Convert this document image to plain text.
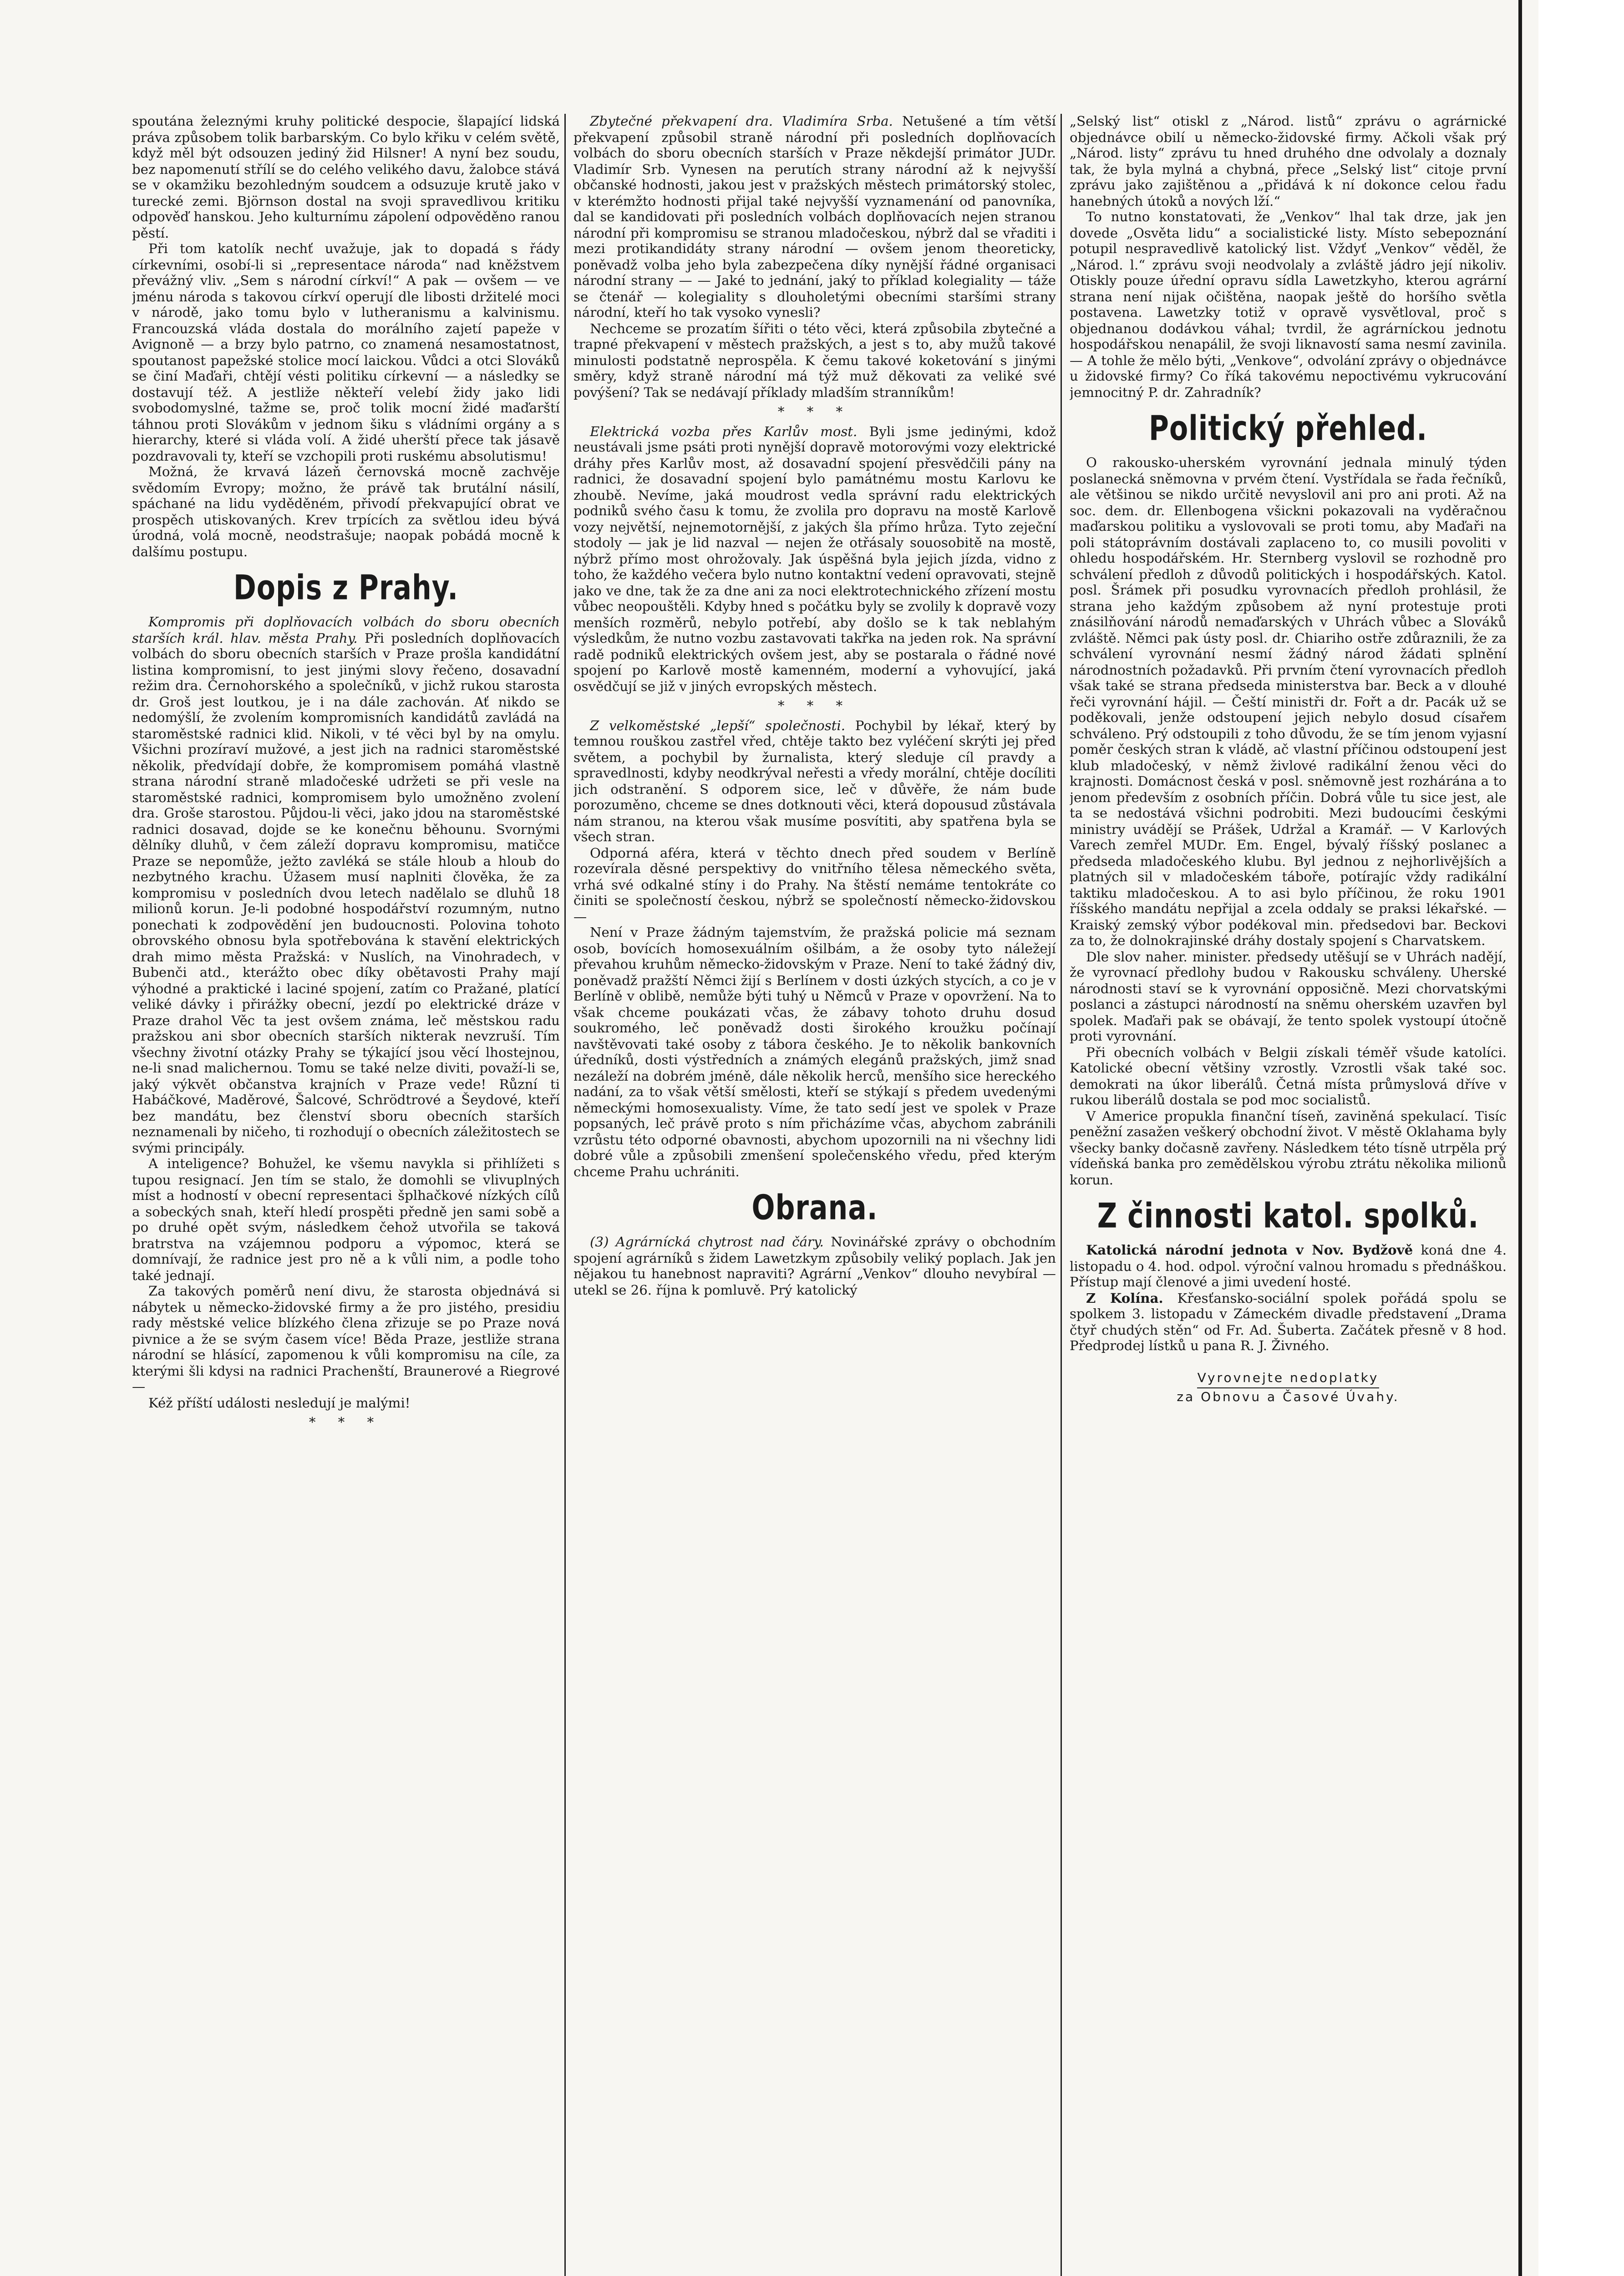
spoutána železnými kruhy politické despocie, šlapající lidská práva způsobem tolik barbarským. Co bylo křiku v celém světě, když měl být odsouzen jediný žid Hilsner! A nyní bez soudu, bez napomenutí střílí se do celého velikého davu, žalobce stává se v okamžiku bezohledným soudcem a odsuzuje krutě jako v turecké zemi. Björnson dostal na svoji spravedlivou kritiku odpověď hanskou. Jeho kulturnímu zápolení odpověděno ranou pěstí.

Při tom katolík nechť uvažuje, jak to dopadá s řády církevními, osobí-li si „representace národa“ nad kněžstvem převážný vliv. „Sem s národní církví!“ A pak — ovšem — ve jménu národa s takovou církví operují dle libosti držitelé moci v národě, jako tomu bylo v lutheranismu a kalvinismu. Francouzská vláda dostala do morálního zajetí papeže v Avignoně — a brzy bylo patrno, co znamená nesamostatnost, spoutanost papežské stolice mocí laickou. Vůdci a otci Slováků se činí Maďaři, chtějí vésti politiku církevní — a následky se dostavují též. A jestliže někteří velebí židy jako lidi svobodomyslné, tažme se, proč tolik mocní židé maďarští táhnou proti Slovákům v jednom šiku s vládními orgány a s hierarchy, které si vláda volí. A židé uherští přece tak jásavě pozdravovali ty, kteří se vzchopili proti ruskému absolutismu!

Možná, že krvavá lázeň černovská mocně zachvěje svědomím Evropy; možno, že právě tak brutální násilí, spáchané na lidu vyděděném, přivodí překvapující obrat ve prospěch utiskovaných. Krev trpících za světlou ideu bývá úrodná, volá mocně, neodstrašuje; naopak pobádá mocně k dalšímu postupu.

Dopis z Prahy.

Kompromis při doplňovacích volbách do sboru obecních starších král. hlav. města Prahy. Při posledních doplňovacích volbách do sboru obecních starších v Praze prošla kandidátní listina kompromisní, to jest jinými slovy řečeno, dosavadní režim dra. Černohorského a společníků, v jichž rukou starosta dr. Groš jest loutkou, je i na dále zachován. Ať nikdo se nedomýšlí, že zvolením kompromisních kandidátů zavládá na staroměstské radnici klid. Nikoli, v té věci byl by na omylu. Všichni prozíraví mužové, a jest jich na radnici staroměstské několik, předvídají dobře, že kompromisem pomáhá vlastně strana národní straně mladočeské udržeti se při vesle na staroměstské radnici, kompromisem bylo umožněno zvolení dra. Groše starostou. Půjdou-li věci, jako jdou na staroměstské radnici dosavad, dojde se ke konečnu běhounu. Svornými dělníky dluhů, v čem záleží dopravu kompromisu, matičce Praze se nepomůže, ježto zavléká se stále hloub a hloub do nezbytného krachu. Úžasem musí naplniti člověka, že za kompromisu v posledních dvou letech nadělalo se dluhů 18 milionů korun. Je-li podobné hospodářství rozumným, nutno ponechati k zodpovědění jen budoucnosti. Polovina tohoto obrovského obnosu byla spotřebována k stavění elektrických drah mimo města Pražská: v Nuslích, na Vinohradech, v Bubenči atd., kterážto obec díky obětavosti Prahy mají výhodné a praktické i laciné spojení, zatím co Pražané, platící veliké dávky i přirážky obecní, jezdí po elektrické dráze v Praze drahol Věc ta jest ovšem známa, leč městskou radu pražskou ani sbor obecních starších nikterak nevzruší. Tím všechny životní otázky Prahy se týkající jsou věcí lhostejnou, ne-li snad malichernou. Tomu se také nelze diviti, považí-li se, jaký výkvět občanstva krajních v Praze vede! Různí ti Habáčkové, Maděrové, Šalcové, Schrödtrové a Šeydové, kteří bez mandátu, bez členství sboru obecních starších neznamenali by ničeho, ti rozhodují o obecních záležitostech se svými principály.

A inteligence? Bohužel, ke všemu navykla si přihlížeti s tupou resignací. Jen tím se stalo, že domohli se vlivuplných míst a hodností v obecní representaci šplhačkové nízkých cílů a sobeckých snah, kteří hledí prospěti předně jen sami sobě a po druhé opět svým, následkem čehož utvořila se taková bratrstva na vzájemnou podporu a výpomoc, která se domnívají, že radnice jest pro ně a k vůli nim, a podle toho také jednají.

Za takových poměrů není divu, že starosta objednává si nábytek u německo-židovské firmy a že pro jistého, presidiu rady městské velice blízkého člena zřizuje se po Praze nová pivnice a že se svým časem více! Běda Praze, jestliže strana národní se hlásící, zapomenou k vůli kompromisu na cíle, za kterými šli kdysi na radnici Prachenští, Braunerové a Riegrové —

Kéž příští události nesledují je malými!

* * *

Zbytečné překvapení dra. Vladimíra Srba. Netušené a tím větší překvapení způsobil straně národní při posledních doplňovacích volbách do sboru obecních starších v Praze někdejší primátor JUDr. Vladimír Srb. Vynesen na perutích strany národní až k nejvyšší občanské hodnosti, jakou jest v pražských městech primátorský stolec, v kterémžto hodnosti přijal také nejvyšší vyznamenání od panovníka, dal se kandidovati při posledních volbách doplňovacích nejen stranou národní při kompromisu se stranou mladočeskou, nýbrž dal se vřaditi i mezi protikandidáty strany národní — ovšem jenom theoreticky, poněvadž volba jeho byla zabezpečena díky nynější řádné organisaci národní strany — — Jaké to jednání, jaký to příklad kolegiality — táže se čtenář — kolegiality s dlouholetými obecními staršími strany národní, kteří ho tak vysoko vynesli?

Nechceme se prozatím šířiti o této věci, která způsobila zbytečné a trapné překvapení v městech pražských, a jest s to, aby mužů takové minulosti podstatně neprospěla. K čemu takové koketování s jinými směry, když straně národní má týž muž děkovati za veliké své povýšení? Tak se nedávají příklady mladším stranníkům!

* * *

Elektrická vozba přes Karlův most. Byli jsme jedinými, kdož neustávali jsme psáti proti nynější dopravě motorovými vozy elektrické dráhy přes Karlův most, až dosavadní spojení přesvědčili pány na radnici, že dosavadní spojení bylo památnému mostu Karlovu ke zhoubě. Nevíme, jaká moudrost vedla správní radu elektrických podniků svého času k tomu, že zvolila pro dopravu na mostě Karlově vozy největší, nejnemotornější, z jakých šla přímo hrůza. Tyto zeječní stodoly — jak je lid nazval — nejen že otřásaly souosobitě na mostě, nýbrž přímo most ohrožovaly. Jak úspěšná byla jejich jízda, vidno z toho, že každého večera bylo nutno kontaktní vedení opravovati, stejně jako ve dne, tak že za dne ani za noci elektrotechnického zřízení mostu vůbec neopouštěli. Kdyby hned s počátku byly se zvolily k dopravě vozy menších rozměrů, nebylo potřebí, aby došlo se k tak neblahým výsledkům, že nutno vozbu zastavovati takřka na jeden rok. Na správní radě podniků elektrických ovšem jest, aby se postarala o řádné nové spojení po Karlově mostě kamenném, moderní a vyhovující, jaká osvědčují se již v jiných evropských městech.

* * *

Z velkoměstské „lepší“ společnosti. Pochybil by lékař, který by temnou rouškou zastřel vřed, chtěje takto bez vyléčení skrýti jej před světem, a pochybil by žurnalista, který sleduje cíl pravdy a spravedlnosti, kdyby neodkrýval neřesti a vředy morální, chtěje docíliti jich odstranění. S odporem sice, leč v důvěře, že nám bude porozuměno, chceme se dnes dotknouti věci, která dopousud zůstávala nám stranou, na kterou však musíme posvítiti, aby spatřena byla se všech stran.

Odporná aféra, která v těchto dnech před soudem v Berlíně rozevírala děsné perspektivy do vnitřního tělesa německého světa, vrhá své odkalné stíny i do Prahy. Na štěstí nemáme tentokráte co činiti se společností českou, nýbrž se společností německo-židovskou —

Není v Praze žádným tajemstvím, že pražská policie má seznam osob, bovících homosexuálním ošilbám, a že osoby tyto náležejí převahou kruhům německo-židovským v Praze. Není to také žádný div, poněvadž pražští Němci žijí s Berlínem v dosti úzkých stycích, a co je v Berlíně v oblibě, nemůže býti tuhý u Němců v Praze v opovržení. Na to však chceme poukázati včas, že zábavy tohoto druhu dosud soukromého, leč poněvadž dosti širokého kroužku počínají navštěvovati také osoby z tábora českého. Je to několik bankovních úředníků, dosti výstředních a známých elegánů pražských, jimž snad nezáleží na dobrém jméně, dále několik herců, menšího sice hereckého nadání, za to však větší smělosti, kteří se stýkají s předem uvedenými německými homosexualisty. Víme, že tato sedí jest ve spolek v Praze popsaných, leč právě proto s ním přicházíme včas, abychom zabránili vzrůstu této odporné obavnosti, abychom upozornili na ni všechny lidi dobré vůle a způsobili zmenšení společenského vředu, před kterým chceme Prahu uchrániti.

Obrana.

(3) Agrárnícká chytrost nad čáry. Novinářské zprávy o obchodním spojení agrárníků s židem Lawetzkym způsobily veliký poplach. Jak jen nějakou tu hanebnost napraviti? Agrární „Venkov“ dlouho nevybíral — utekl se 26. října k pomluvě. Prý katolický

„Selský list“ otiskl z „Národ. listů“ zprávu o agrárnické objednávce obilí u německo-židovské firmy. Ačkoli však prý „Národ. listy“ zprávu tu hned druhého dne odvolaly a doznaly tak, že byla mylná a chybná, přece „Selský list“ citoje první zprávu jako zajištěnou a „přidává k ní dokonce celou řadu hanebných útoků a nových lží.“

To nutno konstatovati, že „Venkov“ lhal tak drze, jak jen dovede „Osvěta lidu“ a socialistické listy. Místo sebepoznání potupil nespravedlivě katolický list. Vždyť „Venkov“ věděl, že „Národ. l.“ zprávu svoji neodvolaly a zvláště jádro její nikoliv. Otiskly pouze úřední opravu sídla Lawetzkyho, kterou agrární strana není nijak očištěna, naopak ještě do horšího světla postavena. Lawetzky totiž v opravě vysvětloval, proč s objednanou dodávkou váhal; tvrdil, že agrárníckou jednotu hospodářskou nenapálil, že svoji liknavostí sama nesmí zavinila. — A tohle že mělo býti, „Venkove“, odvolání zprávy o objednávce u židovské firmy? Co říká takovému nepoctivému vykrucování jemnocitný P. dr. Zahradník?

Politický přehled.

O rakousko-uherském vyrovnání jednala minulý týden poslanecká sněmovna v prvém čtení. Vystřídala se řada řečníků, ale většinou se nikdo určitě nevyslovil ani pro ani proti. Až na soc. dem. dr. Ellenbogena všickni pokazovali na vyděračnou maďarskou politiku a vyslovovali se proti tomu, aby Maďaři na poli státoprávním dostávali zaplaceno to, co musili povoliti v ohledu hospodářském. Hr. Sternberg vyslovil se rozhodně pro schválení předloh z důvodů politických i hospodářských. Katol. posl. Šrámek při posudku vyrovnacích předloh prohlásil, že strana jeho každým způsobem až nyní protestuje proti znásilňování národů nemaďarských v Uhrách vůbec a Slováků zvláště. Němci pak ústy posl. dr. Chiariho ostře zdůraznili, že za schválení vyrovnání nesmí žádný národ žádati splnění národnostních požadavků. Při prvním čtení vyrovnacích předloh však také se strana předseda ministerstva bar. Beck a v dlouhé řeči vyrovnání hájil. — Čeští ministři dr. Fořt a dr. Pacák už se poděkovali, jenže odstoupení jejich nebylo dosud císařem schváleno. Prý odstoupili z toho důvodu, že se tím jenom vyjasní poměr českých stran k vládě, ač vlastní příčinou odstoupení jest klub mladočeský, v němž živlové radikální ženou věci do krajnosti. Domácnost česká v posl. sněmovně jest rozhárána a to jenom především z osobních příčin. Dobrá vůle tu sice jest, ale ta se nedostává všichni podrobiti. Mezi budoucími českými ministry uvádějí se Prášek, Udržal a Kramář. — V Karlových Varech zemřel MUDr. Em. Engel, bývalý říšský poslanec a předseda mladočeského klubu. Byl jednou z nejhorlivějších a platných sil v mladočeském táboře, potírajíc vždy radikální taktiku mladočeskou. A to asi bylo příčinou, že roku 1901 říšského mandátu nepřijal a zcela oddaly se praksi lékařské. — Kraiský zemský výbor podékoval min. předsedovi bar. Beckovi za to, že dolnokrajinské dráhy dostaly spojení s Charvatskem.

Dle slov naher. minister. předsedy utěšují se v Uhrách nadějí, že vyrovnací předlohy budou v Rakousku schváleny. Uherské národnosti staví se k vyrovnání opposičně. Mezi chorvatskými poslanci a zástupci národností na sněmu oherském uzavřen byl spolek. Maďaři pak se obávají, že tento spolek vystoupí útočně proti vyrovnání.

Při obecních volbách v Belgii získali téměř všude katolíci. Katolické obecní většiny vzrostly. Vzrostli však také soc. demokrati na úkor liberálů. Četná místa průmyslová dříve v rukou liberálů dostala se pod moc socialistů.

V Americe propukla finanční tíseň, zaviněná spekulací. Tisíc peněžní zasažen veškerý obchodní život. V městě Oklahama byly všecky banky dočasně zavřeny. Následkem této tísně utrpěla prý vídeňská banka pro zemědělskou výrobu ztrátu několika milionů korun.

Z činnosti katol. spolků.

Katolická národní jednota v Nov. Bydžově koná dne 4. listopadu o 4. hod. odpol. výroční valnou hromadu s přednáškou. Přístup mají členové a jimi uvedení hosté.

Z Kolína. Křesťansko-sociální spolek pořádá spolu se spolkem 3. listopadu v Zámeckém divadle představení „Drama čtyř chudých stěn“ od Fr. Ad. Šuberta. Začátek přesně v 8 hod. Předprodej lístků u pana R. J. Živného.

Vyrovnejte nedoplatky
za Obnovu a Časové Úvahy.
